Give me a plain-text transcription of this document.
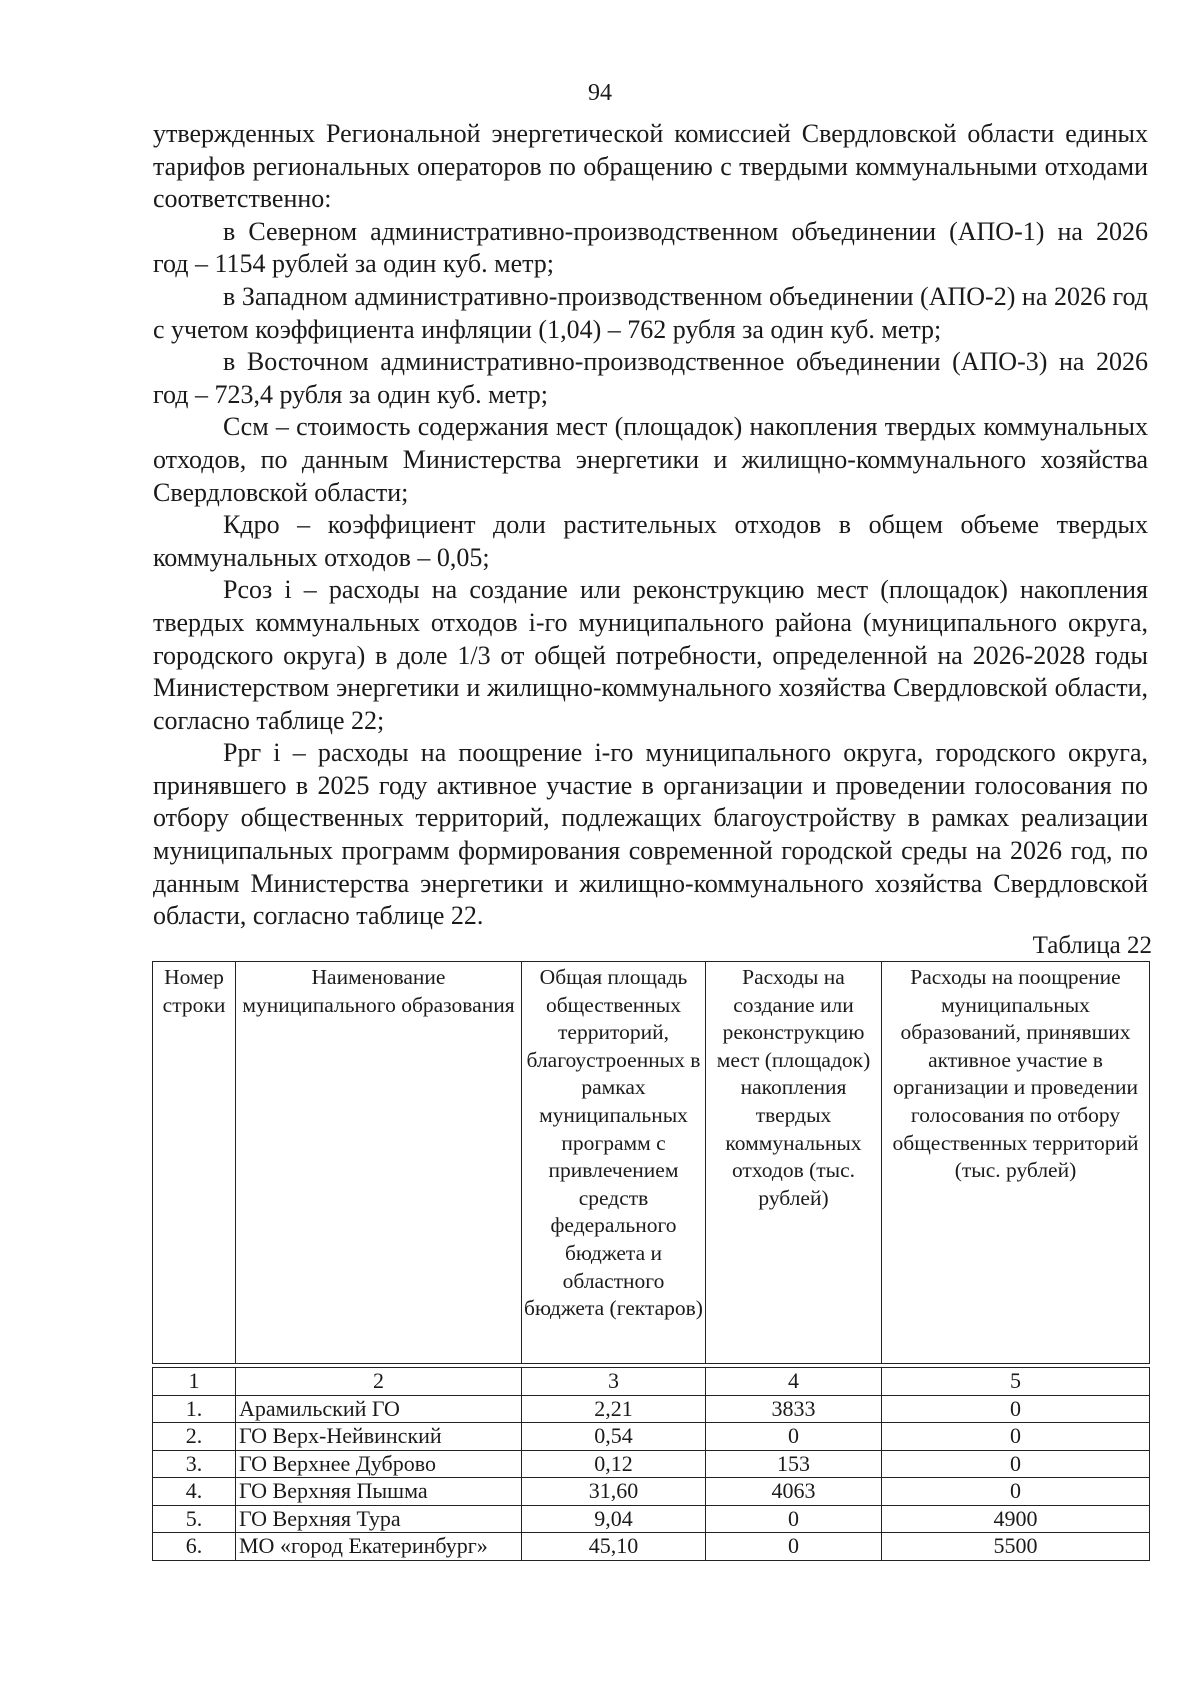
94

утвержденных Региональной энергетической комиссией Свердловской области единых тарифов региональных операторов по обращению с твердыми коммунальными отходами соответственно:

в Северном административно-производственном объединении (АПО-1) на 2026 год – 1154 рублей за один куб. метр;

в Западном административно-производственном объединении (АПО-2) на 2026 год с учетом коэффициента инфляции (1,04) – 762 рубля за один куб. метр;

в Восточном административно-производственное объединении (АПО-3) на 2026 год – 723,4 рубля за один куб. метр;

Ссм – стоимость содержания мест (площадок) накопления твердых коммунальных отходов, по данным Министерства энергетики и жилищно-коммунального хозяйства Свердловской области;

Кдро – коэффициент доли растительных отходов в общем объеме твердых коммунальных отходов – 0,05;

Рсоз i – расходы на создание или реконструкцию мест (площадок) накопления твердых коммунальных отходов i-го муниципального района (муниципального округа, городского округа) в доле 1/3 от общей потребности, определенной на 2026-2028 годы Министерством энергетики и жилищно-коммунального хозяйства Свердловской области, согласно таблице 22;

Ррг i – расходы на поощрение i-го муниципального округа, городского округа, принявшего в 2025 году активное участие в организации и проведении голосования по отбору общественных территорий, подлежащих благоустройству в рамках реализации муниципальных программ формирования современной городской среды на 2026 год, по данным Министерства энергетики и жилищно-коммунального хозяйства Свердловской области, согласно таблице 22.

Таблица 22
Номер строки	Наименование муниципального образования	Общая площадь общественных территорий, благоустроенных в рамках муниципальных программ с привлечением средств федерального бюджета и областного бюджета (гектаров)	Расходы на создание или реконструкцию мест (площадок) накопления твердых коммунальных отходов (тыс. рублей)	Расходы на поощрение муниципальных образований, принявших активное участие в организации и проведении голосования по отбору общественных территорий (тыс. рублей)
1	2	3	4	5
1.	Арамильский ГО	2,21	3833	0
2.	ГО Верх-Нейвинский	0,54	0	0
3.	ГО Верхнее Дуброво	0,12	153	0
4.	ГО Верхняя Пышма	31,60	4063	0
5.	ГО Верхняя Тура	9,04	0	4900
6.	МО «город Екатеринбург»	45,10	0	5500
